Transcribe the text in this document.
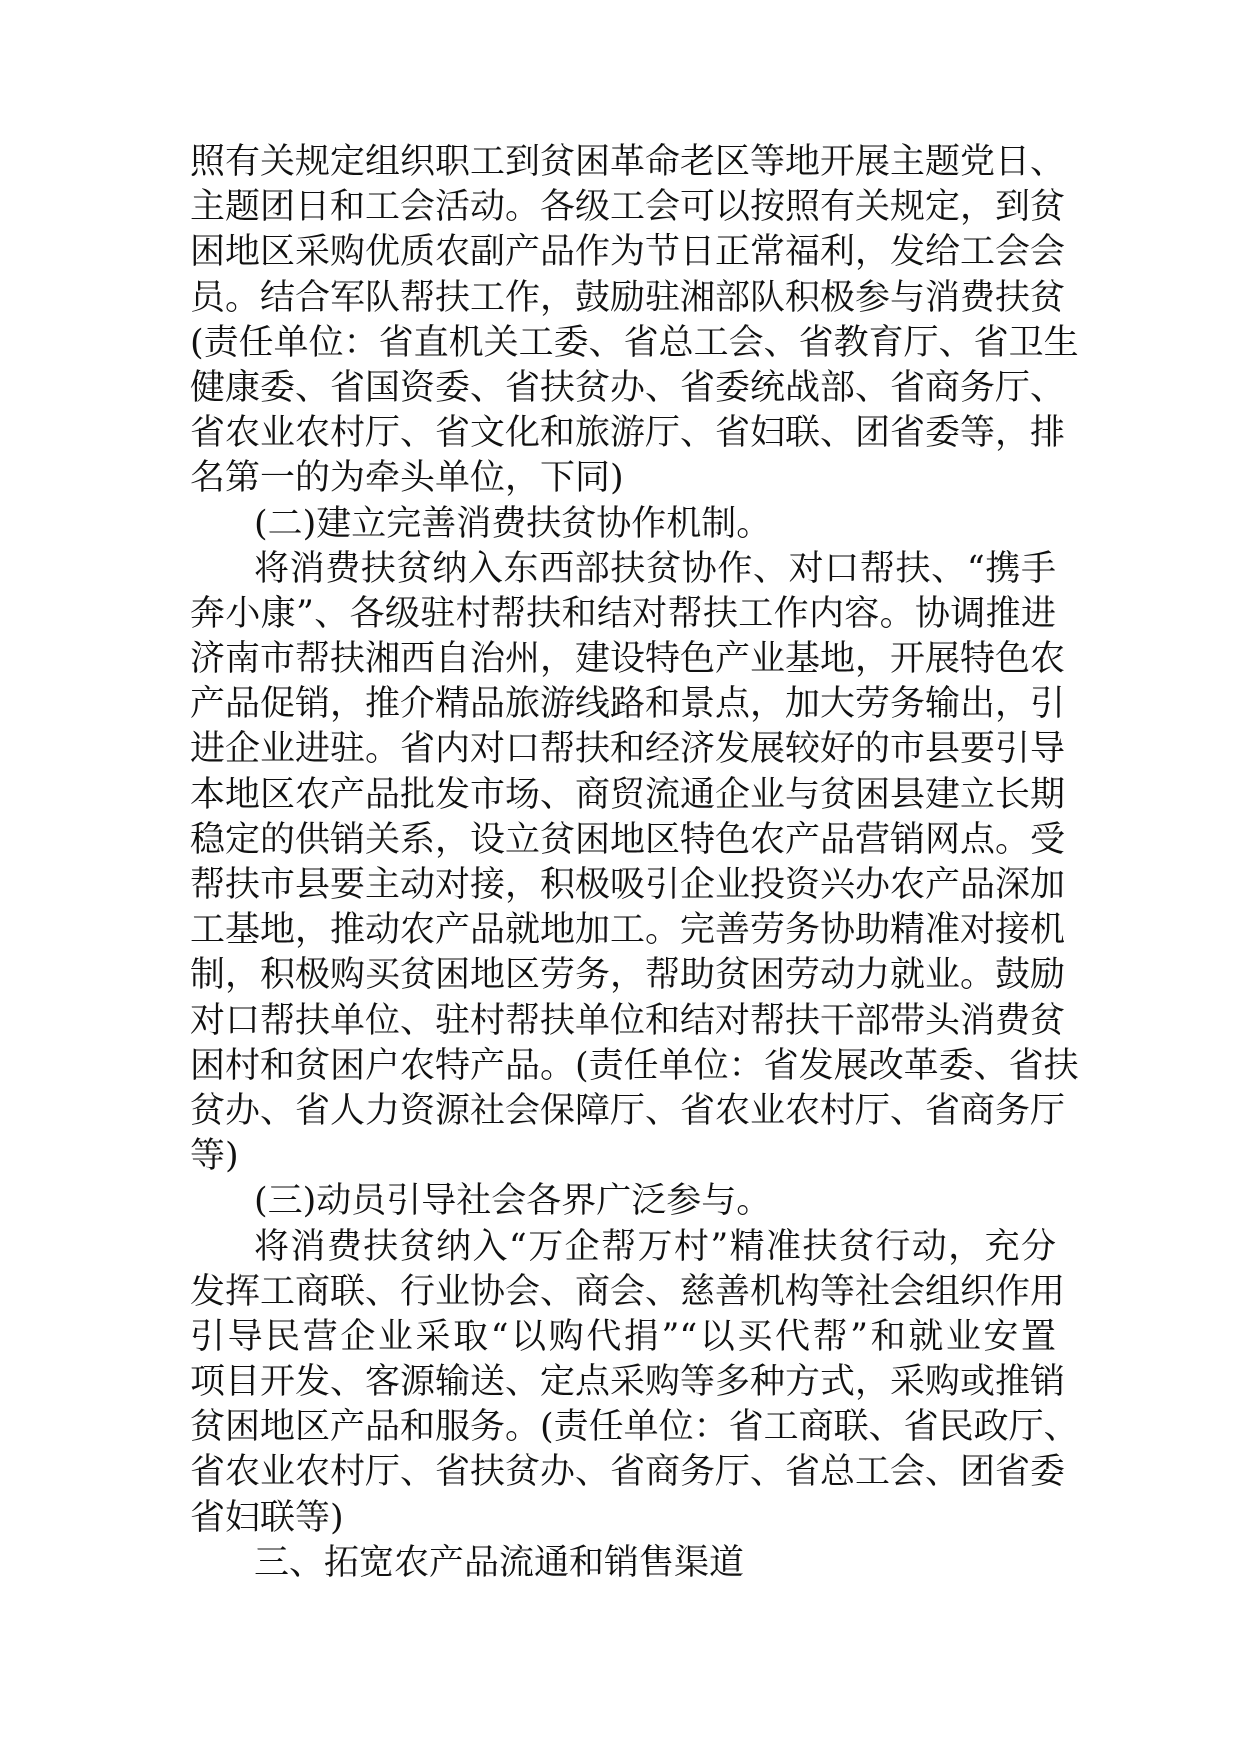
照有关规定组织职工到贫困革命老区等地开展主题党日、
主题团日和工会活动。各级工会可以按照有关规定，到贫
困地区采购优质农副产品作为节日正常福利，发给工会会
员。结合军队帮扶工作，鼓励驻湘部队积极参与消费扶贫
(责任单位：省直机关工委、省总工会、省教育厅、省卫生
健康委、省国资委、省扶贫办、省委统战部、省商务厅、
省农业农村厅、省文化和旅游厅、省妇联、团省委等，排
名第一的为牵头单位，下同)
(二)建立完善消费扶贫协作机制。
将消费扶贫纳入东西部扶贫协作、对口帮扶、“携手
奔小康”、各级驻村帮扶和结对帮扶工作内容。协调推进
济南市帮扶湘西自治州，建设特色产业基地，开展特色农
产品促销，推介精品旅游线路和景点，加大劳务输出，引
进企业进驻。省内对口帮扶和经济发展较好的市县要引导
本地区农产品批发市场、商贸流通企业与贫困县建立长期
稳定的供销关系，设立贫困地区特色农产品营销网点。受
帮扶市县要主动对接，积极吸引企业投资兴办农产品深加
工基地，推动农产品就地加工。完善劳务协助精准对接机
制，积极购买贫困地区劳务，帮助贫困劳动力就业。鼓励
对口帮扶单位、驻村帮扶单位和结对帮扶干部带头消费贫
困村和贫困户农特产品。(责任单位：省发展改革委、省扶
贫办、省人力资源社会保障厅、省农业农村厅、省商务厅
等)
(三)动员引导社会各界广泛参与。
将消费扶贫纳入“万企帮万村”精准扶贫行动，充分
发挥工商联、行业协会、商会、慈善机构等社会组织作用
引导民营企业采取“以购代捐”“以买代帮”和就业安置
项目开发、客源输送、定点采购等多种方式，采购或推销
贫困地区产品和服务。(责任单位：省工商联、省民政厅、
省农业农村厅、省扶贫办、省商务厅、省总工会、团省委
省妇联等)
三、拓宽农产品流通和销售渠道
